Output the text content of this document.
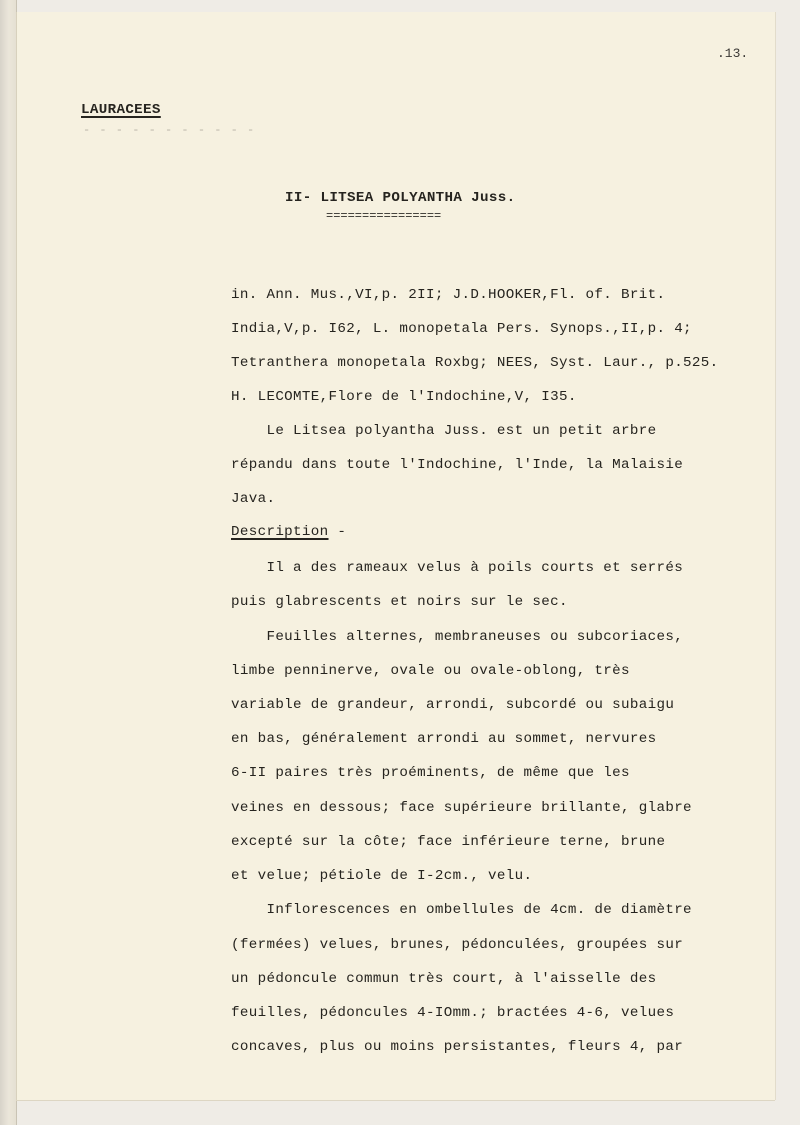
.13.
LAURACEES
- - - - - - - - - - -
II- LITSEA POLYANTHA Juss.
================
in. Ann. Mus.,VI,p. 2II; J.D.HOOKER,Fl. of. Brit.
India,V,p. I62, L. monopetala Pers. Synops.,II,p. 4;
Tetranthera monopetala Roxbg; NEES, Syst. Laur., p.525.
H. LECOMTE,Flore de l'Indochine,V, I35.
Le Litsea polyantha Juss. est un petit arbre
répandu dans toute l'Indochine, l'Inde, la Malaisie
Java.
Description -
Il a des rameaux velus à poils courts et serrés
puis glabrescents et noirs sur le sec.
Feuilles alternes, membraneuses ou subcoriaces,
limbe penninerve, ovale ou ovale-oblong, très
variable de grandeur, arrondi, subcordé ou subaigu
en bas, généralement arrondi au sommet, nervures
6-II paires très proéminents, de même que les
veines en dessous; face supérieure brillante, glabre
excepté sur la côte; face inférieure terne, brune
et velue; pétiole de I-2cm., velu.
Inflorescences en ombellules de 4cm. de diamètre
(fermées) velues, brunes, pédonculées, groupées sur
un pédoncule commun très court, à l'aisselle des
feuilles, pédoncules 4-IOmm.; bractées 4-6, velues
concaves, plus ou moins persistantes, fleurs 4, par
